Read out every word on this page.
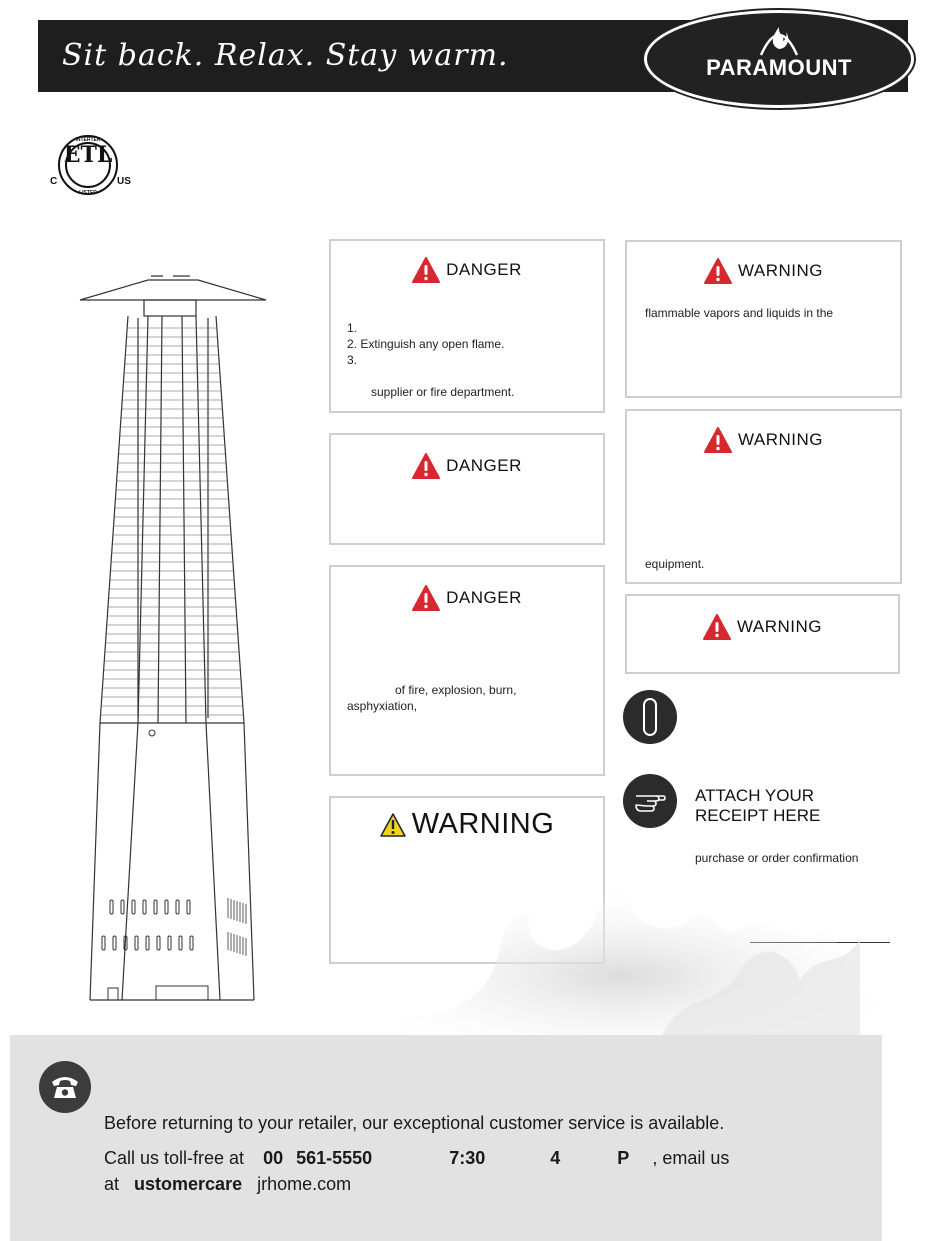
Sit back. Relax. Stay warm.	PARAMOUNT
ETL
INTERTEK
LISTED
C	US
DANGER
1.
2. Extinguish any open flame.
3.
supplier or fire department.
DANGER
DANGER
of fire, explosion, burn,
asphyxiation,
WARNING
WARNING
flammable vapors and liquids in the
WARNING
equipment.
WARNING
ATTACH YOUR
RECEIPT HERE
purchase or order confirmation
Before returning to your retailer, our exceptional customer service is available.
Call us toll-free at 00 561-5550	7:30	4	P , email us
at ustomercare jrhome.com
